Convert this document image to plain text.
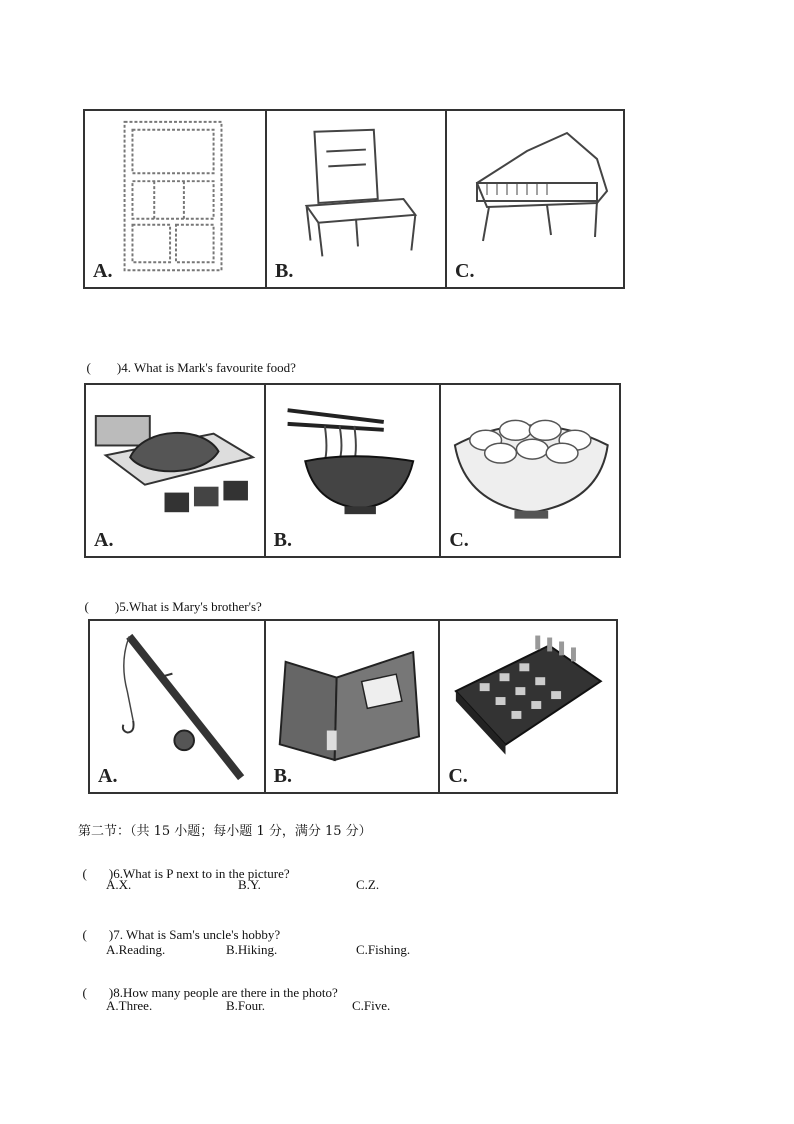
A.	B.	C.

( )4. What is Mark's favourite food?

A.	B.	C.

( )5.What is Mary's brother's?

A.	B.	C.
第二节：（共 15 小题；每小题 1 分，满分 15 分）

( )6.What is P next to in the picture?

A.X.	B.Y.	C.Z.

( )7. What is Sam's uncle's hobby?

A.Reading.	B.Hiking.	C.Fishing.

( )8.How many people are there in the photo?

A.Three.	B.Four.	C.Five.
